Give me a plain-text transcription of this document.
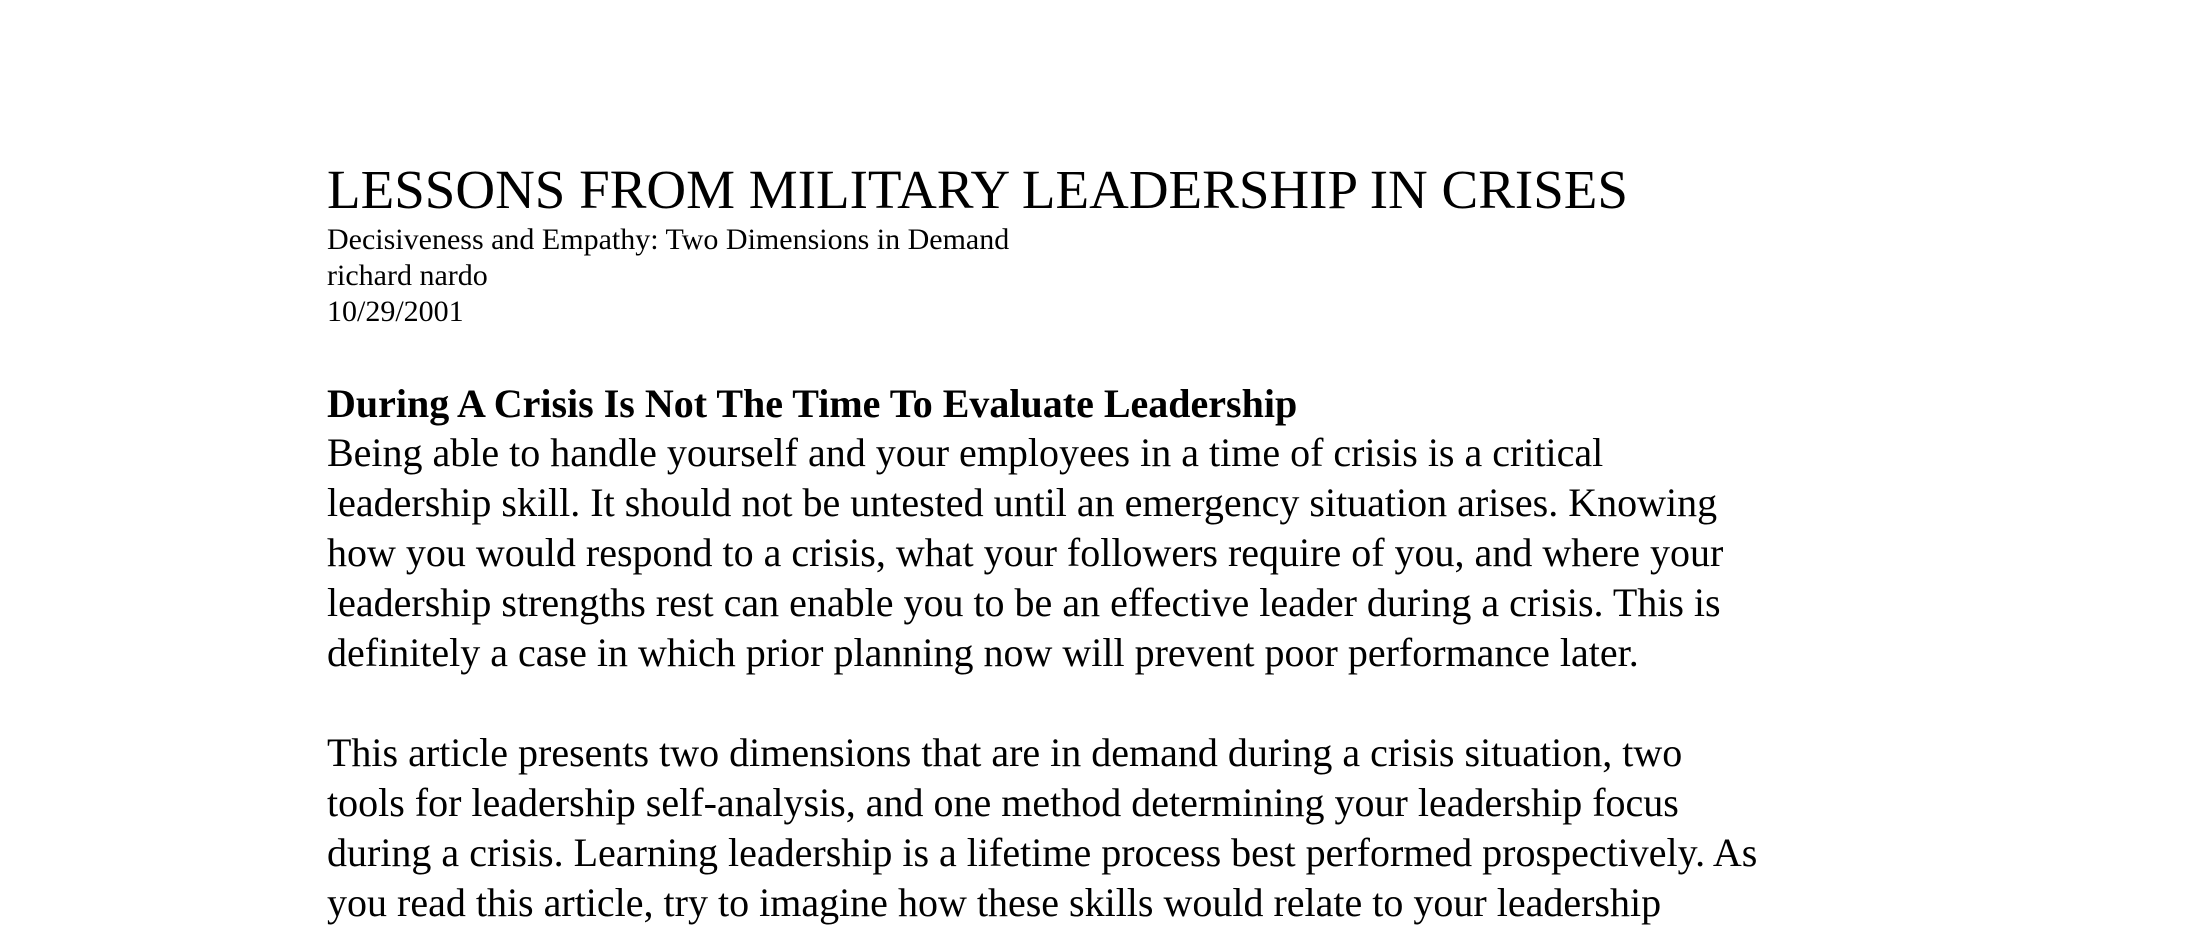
LESSONS FROM MILITARY LEADERSHIP IN CRISES

Decisiveness and Empathy: Two Dimensions in Demand

richard nardo

10/29/2001

During A Crisis Is Not The Time To Evaluate Leadership

Being able to handle yourself and your employees in a time of crisis is a critical
leadership skill. It should not be untested until an emergency situation arises. Knowing
how you would respond to a crisis, what your followers require of you, and where your
leadership strengths rest can enable you to be an effective leader during a crisis. This is
definitely a case in which prior planning now will prevent poor performance later.

This article presents two dimensions that are in demand during a crisis situation, two
tools for leadership self-analysis, and one method determining your leadership focus
during a crisis. Learning leadership is a lifetime process best performed prospectively. As
you read this article, try to imagine how these skills would relate to your leadership
